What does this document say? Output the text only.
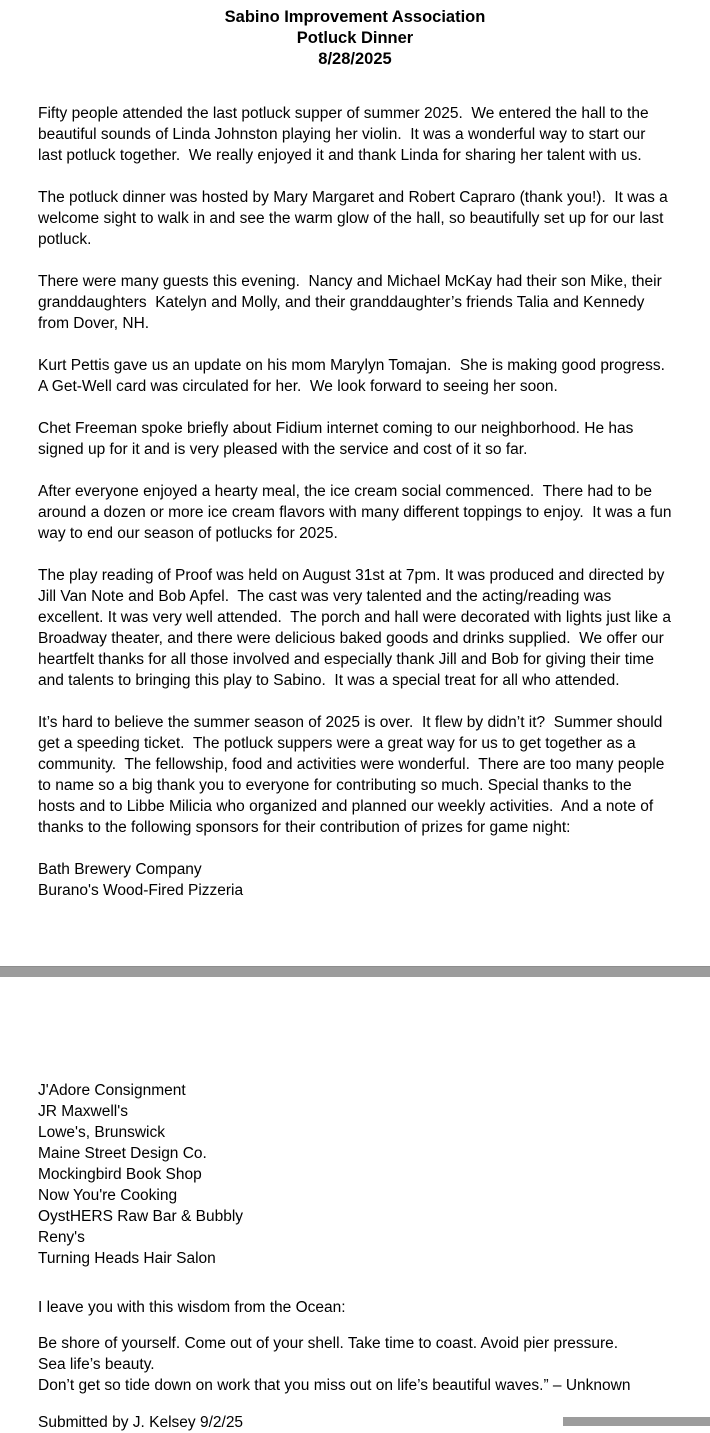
Sabino Improvement Association
Potluck Dinner
8/28/2025
Fifty people attended the last potluck supper of summer 2025.  We entered the hall to the beautiful sounds of Linda Johnston playing her violin.  It was a wonderful way to start our last potluck together.  We really enjoyed it and thank Linda for sharing her talent with us.
The potluck dinner was hosted by Mary Margaret and Robert Capraro (thank you!).  It was a welcome sight to walk in and see the warm glow of the hall, so beautifully set up for our last potluck.
There were many guests this evening.  Nancy and Michael McKay had their son Mike, their granddaughters  Katelyn and Molly, and their granddaughter’s friends Talia and Kennedy from Dover, NH.
Kurt Pettis gave us an update on his mom Marylyn Tomajan.  She is making good progress.  A Get-Well card was circulated for her.  We look forward to seeing her soon.
Chet Freeman spoke briefly about Fidium internet coming to our neighborhood. He has signed up for it and is very pleased with the service and cost of it so far.
After everyone enjoyed a hearty meal, the ice cream social commenced.  There had to be around a dozen or more ice cream flavors with many different toppings to enjoy.  It was a fun way to end our season of potlucks for 2025.
The play reading of Proof was held on August 31st at 7pm. It was produced and directed by Jill Van Note and Bob Apfel.  The cast was very talented and the acting/reading was excellent. It was very well attended.  The porch and hall were decorated with lights just like a Broadway theater, and there were delicious baked goods and drinks supplied.  We offer our heartfelt thanks for all those involved and especially thank Jill and Bob for giving their time and talents to bringing this play to Sabino.  It was a special treat for all who attended.
It’s hard to believe the summer season of 2025 is over.  It flew by didn’t it?  Summer should get a speeding ticket.  The potluck suppers were a great way for us to get together as a community.  The fellowship, food and activities were wonderful.  There are too many people to name so a big thank you to everyone for contributing so much. Special thanks to the hosts and to Libbe Milicia who organized and planned our weekly activities.  And a note of thanks to the following sponsors for their contribution of prizes for game night:
Bath Brewery Company
Burano's Wood-Fired Pizzeria
J'Adore Consignment
JR Maxwell's
Lowe's, Brunswick
Maine Street Design Co.
Mockingbird Book Shop
Now You're Cooking
OystHERS Raw Bar & Bubbly
Reny's
Turning Heads Hair Salon
I leave you with this wisdom from the Ocean:
Be shore of yourself. Come out of your shell. Take time to coast. Avoid pier pressure.
Sea life’s beauty.
Don’t get so tide down on work that you miss out on life’s beautiful waves.” – Unknown
Submitted by J. Kelsey 9/2/25
